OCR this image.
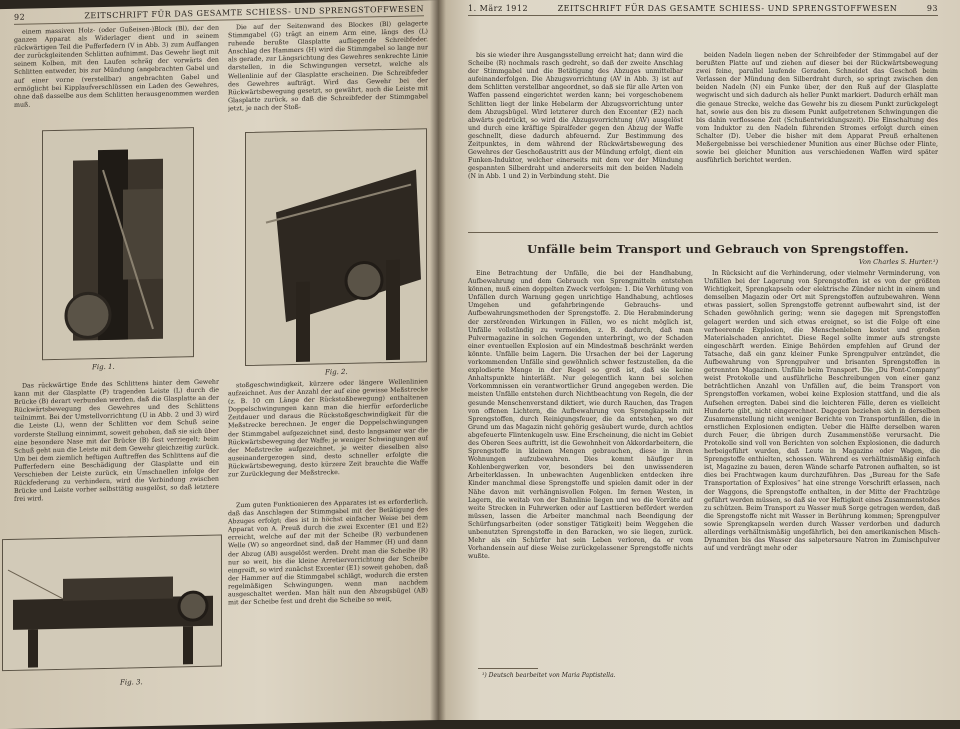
92	ZEITSCHRIFT FÜR DAS GESAMTE SCHIESS- UND SPRENGSTOFFWESEN

einem massiven Holz- (oder Gußeisen-)Block (Bl), der den ganzen Apparat als Widerlager dient und in seinem rückwärtigen Teil die Pufferfedern (V in Abb. 3) zum Auffangen der zurückgleitenden Schlitten aufnimmt. Das Gewehr liegt mit seinem Kolben, mit den Laufen schräg der vorwärts den Schlitten entweder, bis zur Mündung (angebrachten Gabel und auf einer vorne (verstellbar) angebrachten Gabel und ermöglicht bei Kipplaufverschlüssen ein Laden des Gewehres, ohne daß dasselbe aus dem Schlitten herausgenommen werden muß.

Die auf der Seitenwand des Blockes (Bl) gelagerte Stimmgabel (G) trägt an einem Arm eine, längs des (L) ruhende berußte Glasplatte aufliegende Schreibfeder. Anschlag des Hammers (H) wird die Stimmgabel so lange nur als gerade, zur Längsrichtung des Gewehres senkrechte Linie darstellen, in die Schwingungen versetzt, welche als Wellenlinie auf der Glasplatte erscheinen. Die Schreibfeder des Gewehres aufträgt. Wird das Gewehr bei der Rückwärtsbewegung gesetzt, so gewährt, auch die Leiste mit Glasplatte zurück, so daß die Schreibfeder der Stimmgabel jetzt, je nach der Stoß-

Fig. 1.
Fig. 2.

Das rückwärtige Ende des Schlittens hinter dem Gewehr kann mit der Glasplatte (P) tragenden Leiste (L) durch die Brücke (B) derart verbunden werden, daß die Glasplatte an der Rückwärtsbewegung des Gewehres und des Schlittens teilnimmt. Bei der Umstellvorrichtung (U in Abb. 2 und 3) wird die Leiste (L), wenn der Schlitten vor dem Schuß seine vorderste Stellung einnimmt, soweit gehoben, daß sie sich über eine besondere Nase mit der Brücke (B) fest verriegelt; beim Schuß geht nun die Leiste mit dem Gewehr gleichzeitig zurück. Um bei dem ziemlich heftigen Auftreffen des Schlittens auf die Pufferfedern eine Beschädigung der Glasplatte und ein Verschieben der Leiste zurück, ein Umschnellen infolge der Rückfederung zu verhindern, wird die Verbindung zwischen Brücke und Leiste vorher selbsttätig ausgelöst, so daß letztere frei wird.

stoßgeschwindigkeit, kürzere oder längere Wellenlinien aufzeichnet. Aus der Anzahl der auf eine gewisse Meßstrecke (z. B. 10 cm Länge der Rückstoßbewegung) enthaltenen Doppelschwingungen kann man die hierfür erforderliche Zeitdauer und daraus die Rückstoßgeschwindigkeit für die Meßstrecke berechnen. Je enger die Doppelschwingungen der Stimmgabel aufgezeichnet sind, desto langsamer war die Rückwärtsbewegung der Waffe; je weniger Schwingungen auf der Meßstrecke aufgezeichnet, je weiter dieselben also auseinandergezogen sind, desto schneller erfolgte die Rückwärtsbewegung, desto kürzere Zeit brauchte die Waffe zur Zurücklegung der Meßstrecke.

Zum guten Funktionieren des Apparates ist es erforderlich, daß das Anschlagen der Stimmgabel mit der Betätigung des Abzuges erfolgt; dies ist in höchst einfacher Weise bei dem Apparat von A. Preuß durch die zwei Excenter (E1 und E2) erreicht, welche auf der mit der Scheibe (R) verbundenen Welle (W) so angeordnet sind, daß der Hammer (H) und dann der Abzug (AB) ausgelöst werden. Dreht man die Scheibe (R) nur so weit, bis die kleine Arretiervorrichtung der Scheibe eingreift, so wird zunächst Excenter (E1) soweit gehoben, daß der Hammer auf die Stimmgabel schlägt, wodurch die ersten regelmäßigen Schwingungen, wenn man nachdem ausgeschaltet werden. Man hält nun den Abzugsbügel (AB) mit der Scheibe fest und dreht die Scheibe so weit,

Fig. 3.
1. März 1912	ZEITSCHRIFT FÜR DAS GESAMTE SCHIESS- UND SPRENGSTOFFWESEN	93

bis sie wieder ihre Ausgangsstellung erreicht hat; dann wird die Scheibe (R) nochmals rasch gedreht, so daß der zweite Anschlag der Stimmgabel und die Betätigung des Abzuges unmittelbar aufeinanderfolgen. Die Abzugsvorrichtung (AV in Abb. 3) ist auf dem Schlitten verstellbar angeordnet, so daß sie für alle Arten von Waffen passend eingerichtet werden kann; bei vorgeschobenem Schlitten liegt der linke Hebelarm der Abzugsvorrichtung unter dem Abzugsbügel. Wird letzterer durch den Excenter (E2) nach abwärts gedrückt, so wird die Abzugsvorrichtung (AV) ausgelöst und durch eine kräftige Spiralfeder gegen den Abzug der Waffe geschnellt, diese dadurch abfeuernd. Zur Bestimmung des Zeitpunktes, in dem während der Rückwärtsbewegung des Gewehres der Geschoßaustritt aus der Mündung erfolgt, dient ein Funken-Induktor, welcher einerseits mit dem vor der Mündung gespannten Silberdraht und andererseits mit den beiden Nadeln (N in Abb. 1 und 2) in Verbindung steht. Die

beiden Nadeln liegen neben der Schreibfeder der Stimmgabel auf der berußten Platte auf und ziehen auf dieser bei der Rückwärtsbewegung zwei feine, parallel laufende Geraden. Schneidet das Geschoß beim Verlassen der Mündung den Silberdraht durch, so springt zwischen den beiden Nadeln (N) ein Funke über, der den Ruß auf der Glasplatte wegwischt und sich dadurch als heller Punkt markiert. Dadurch erhält man die genaue Strecke, welche das Gewehr bis zu diesem Punkt zurückgelegt hat, sowie aus den bis zu diesem Punkt aufgetretenen Schwingungen die bis dahin verflossene Zeit (Schußentwicklungszeit). Die Einschaltung des vom Induktor zu den Nadeln führenden Stromes erfolgt durch einen Schalter (D). Ueber die bisher mit dem Apparat Preuß erhaltenen Meßergebnisse bei verschiedener Munition aus einer Büchse oder Flinte, sowie bei gleicher Munition aus verschiedenen Waffen wird später ausführlich berichtet werden.

Unfälle beim Transport und Gebrauch von Sprengstoffen.
Von Charles S. Hurter.¹)

Eine Betrachtung der Unfälle, die bei der Handhabung, Aufbewahrung und dem Gebrauch von Sprengmitteln entstehen können, muß einen doppelten Zweck verfolgen: 1. Die Verhütung von Unfällen durch Warnung gegen unrichtige Handhabung, achtloses Umgehen und gefahrbringende Gebrauchs- und Aufbewahrungsmethoden der Sprengstoffe. 2. Die Herabminderung der zerstörenden Wirkungen in Fällen, wo es nicht möglich ist, Unfälle vollständig zu vermeiden, z. B. dadurch, daß man Pulvermagazine in solchen Gegenden unterbringt, wo der Schaden einer eventuellen Explosion auf ein Mindestmaß beschränkt werden könnte. Unfälle beim Lagern. Die Ursachen der bei der Lagerung vorkommenden Unfälle sind gewöhnlich schwer festzustellen, da die explodierte Menge in der Regel so groß ist, daß sie keine Anhaltspunkte hinterläßt. Nur gelegentlich kann bei solchen Vorkommnissen ein verantwortlicher Grund angegeben werden. Die meisten Unfälle entstehen durch Nichtbeachtung von Regeln, die der gesunde Menschenverstand diktiert, wie durch Rauchen, das Tragen von offenen Lichtern, die Aufbewahrung von Sprengkapseln mit Sprengstoffen, durch Reinigungsfeuer, die da entstehen, wo der Grund um das Magazin nicht gehörig gesäubert wurde, durch achtlos abgefeuerte Flintenkugeln usw. Eine Erscheinung, die nicht im Gebiet des Oberen Sees auftritt, ist die Gewohnheit von Akkordarbeitern, die Sprengstoffe in kleinen Mengen gebrauchen, diese in ihren Wohnungen aufzubewahren. Dies kommt häufiger in Kohlenbergwerken vor, besonders bei den unwissenderen Arbeiterklassen. In unbewachten Augenblicken entdecken ihre Kinder manchmal diese Sprengstoffe und spielen damit oder in der Nähe davon mit verhängnisvollen Folgen. Im fernen Westen, in Lagern, die weitab von der Bahnlinie liegen und wo die Vorräte auf weite Strecken in Fuhrwerken oder auf Lasttieren befördert werden müssen, lassen die Arbeiter manchmal nach Beendigung der Schürfungsarbeiten (oder sonstiger Tätigkeit) beim Weggehen die unbenutzten Sprengstoffe in den Baracken, wo sie liegen, zurück. Mehr als ein Schürfer hat sein Leben verloren, da er vom Vorhandensein auf diese Weise zurückgelassener Sprengstoffe nichts wußte.

¹) Deutsch bearbeitet von Maria Paptistella.

In Rücksicht auf die Verhinderung, oder vielmehr Verminderung, von Unfällen bei der Lagerung von Sprengstoffen ist es von der größten Wichtigkeit, Sprengkapseln oder elektrische Zünder nicht in einem und demselben Magazin oder Ort mit Sprengstoffen aufzubewahren. Wenn etwas passiert, sollen Sprengstoffe getrennt aufbewahrt sind, ist der Schaden gewöhnlich gering; wenn sie dagegen mit Sprengstoffen gelagert werden und sich etwas ereignet, so ist die Folge oft eine verheerende Explosion, die Menschenleben kostet und großen Materialschaden anrichtet. Diese Regel sollte immer aufs strengste eingeschärft werden. Einige Behörden empfehlen auf Grund der Tatsache, daß ein ganz kleiner Funke Sprengpulver entzündet, die Aufbewahrung von Sprengpulver und brisanten Sprengstoffen in getrennten Magazinen. Unfälle beim Transport. Die „Du Pont-Company“ weist Protokolle und ausführliche Beschreibungen von einer ganz beträchtlichen Anzahl von Unfällen auf, die beim Transport von Sprengstoffen vorkamen, wobei keine Explosion stattfand, und die als Aufsehen erregten. Dabei sind die leichteren Fälle, deren es vielleicht Hunderte gibt, nicht eingerechnet. Dagegen beziehen sich in derselben Zusammenstellung nicht weniger Berichte von Transportunfällen, die in ernstlichen Explosionen endigten. Ueber die Hälfte derselben waren durch Feuer, die übrigen durch Zusammenstöße verursacht. Die Protokolle sind voll von Berichten von solchen Explosionen, die dadurch herbeigeführt wurden, daß Leute in Magazine oder Wagen, die Sprengstoffe enthielten, schossen. Während es verhältnismäßig einfach ist, Magazine zu bauen, deren Wände scharfe Patronen aufhalten, so ist dies bei Frachtwagen kaum durchzuführen. Das „Bureau for the Safe Transportation of Explosives“ hat eine strenge Vorschrift erlassen, nach der Waggons, die Sprengstoffe enthalten, in der Mitte der Frachtzüge geführt werden müssen, so daß sie vor Heftigkeit eines Zusammenstoßes zu schützen. Beim Transport zu Wasser muß Sorge getragen werden, daß die Sprengstoffe nicht mit Wasser in Berührung kommen; Sprengpulver sowie Sprengkapseln werden durch Wasser verdorben und dadurch allerdings verhältnismäßig ungefährlich, bei den amerikanischen Misch-Dynamiten bis das Wasser das salpetersaure Natron im Zumischpulver auf und verdrängt mehr oder
